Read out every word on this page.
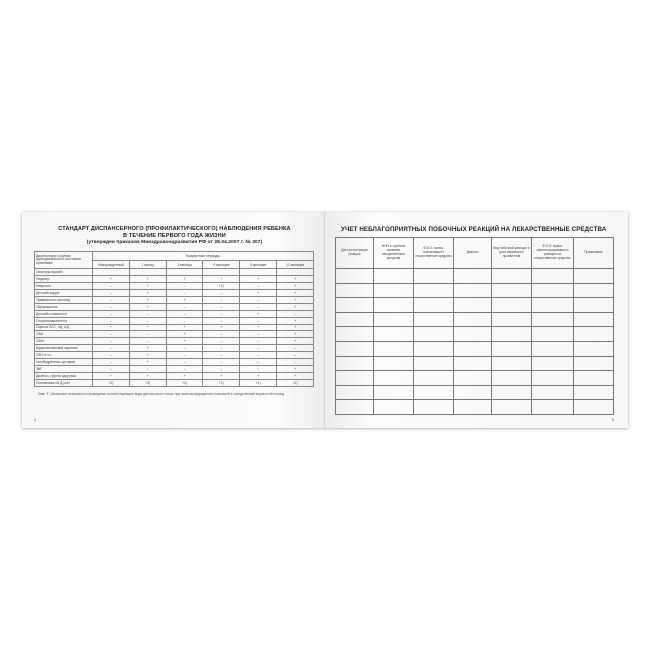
СТАНДАРТ ДИСПАНСЕРНОГО (ПРОФИЛАКТИЧЕСКОГО) НАБЛЮДЕНИЯ РЕБЕНКА
В ТЕЧЕНИЕ ПЕРВОГО ГОДА ЖИЗНИ
(утвержден приказом Минздравсоцразвития РФ от 28.04.2007 г. № 307)
Диагностика и оценка функционального состояния организма	Возрастные периоды					
	Новорожденный	1 месяц	3 месяца	6 месяцев	9 месяцев	12 месяцев
Осмотры врачей:						
Педиатр	+	+	+	+	+	+
Невролог	–	+	–	+1)	–	+
Детский хирург	–	+	–	–	+	+
Травматолог-ортопед	–	+	+	–	–	+
Офтальмолог	–	+	–	–	–	+
Детский стоматолог	–	–	–	–	+	–
Оториноларинголог	–	–	–	–	–	+
Оценка ЧСС, ЧД, АД	+	+	+	+	+	+
ОАК	–	–	+	–	–	+
ОАМ	–	–	+	–	–	+
Аудиологический скрининг	–	+	–	–	–	–
УЗИ, в т.ч.	–	+	–	–	–	–
тазобедренных суставов	–	+	–	–	–	–
ЭКГ	–	–	–	–	–	+
Диагноз, группа здоровья	+	+	+	+	+	+
Постановка на Д учет	+1)	+1)	+1)	+1)	+1)	+1)
Знак "1" обозначает возможность проведения соответствующего вида деятельности только при наличии медицинских показаний в определенный возрастной период.
4
УЧЕТ НЕБЛАГОПРИЯТНЫХ ПОБОЧНЫХ РЕАКЦИЙ НА ЛЕКАРСТВЕННЫЕ СРЕДСТВА
Дата регистрации реакции	МНН и торговое название лекарственного средства	Ф.И.О. врача, назначившего лекарственное средство	Диагноз	Вид побочной реакции и дата первичного проявления	Ф.И.О. врача, зарегистрировавшего реакцию на лекарственное средство	Примечание

5
